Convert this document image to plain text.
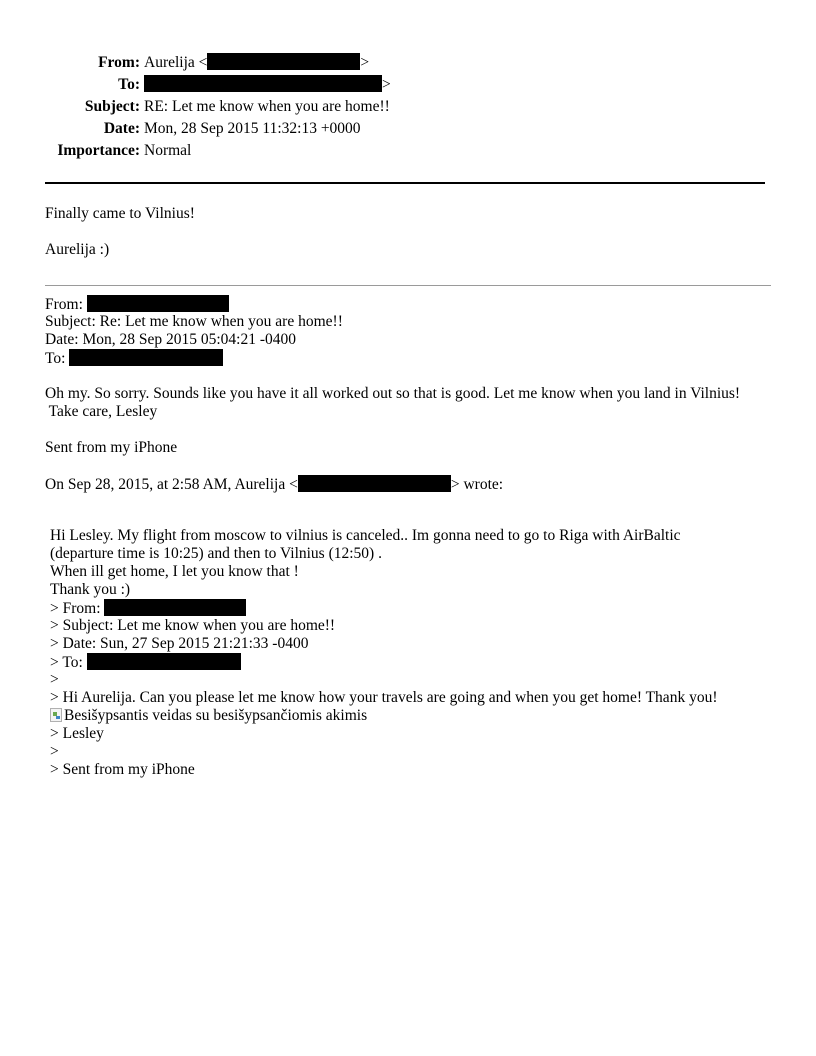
From: Aurelija <	>
To:	>
Subject: RE: Let me know when you are home!!
Date: Mon, 28 Sep 2015 11:32:13 +0000
Importance: Normal
Finally came to Vilnius!
Aurelija :)
From:
Subject: Re: Let me know when you are home!!
Date: Mon, 28 Sep 2015 05:04:21 -0400
To:
Oh my. So sorry. Sounds like you have it all worked out so that is good. Let me know when you land in Vilnius!
Take care, Lesley
Sent from my iPhone
On Sep 28, 2015, at 2:58 AM, Aurelija <	> wrote:
Hi Lesley. My flight from moscow to vilnius is canceled.. Im gonna need to go to Riga with AirBaltic
(departure time is 10:25) and then to Vilnius (12:50) .
When ill get home, I let you know that !
Thank you :)
> From:
> Subject: Let me know when you are home!!
> Date: Sun, 27 Sep 2015 21:21:33 -0400
> To:
>
> Hi Aurelija. Can you please let me know how your travels are going and when you get home! Thank you!
Besišypsantis veidas su besišypsančiomis akimis
> Lesley
>
> Sent from my iPhone
